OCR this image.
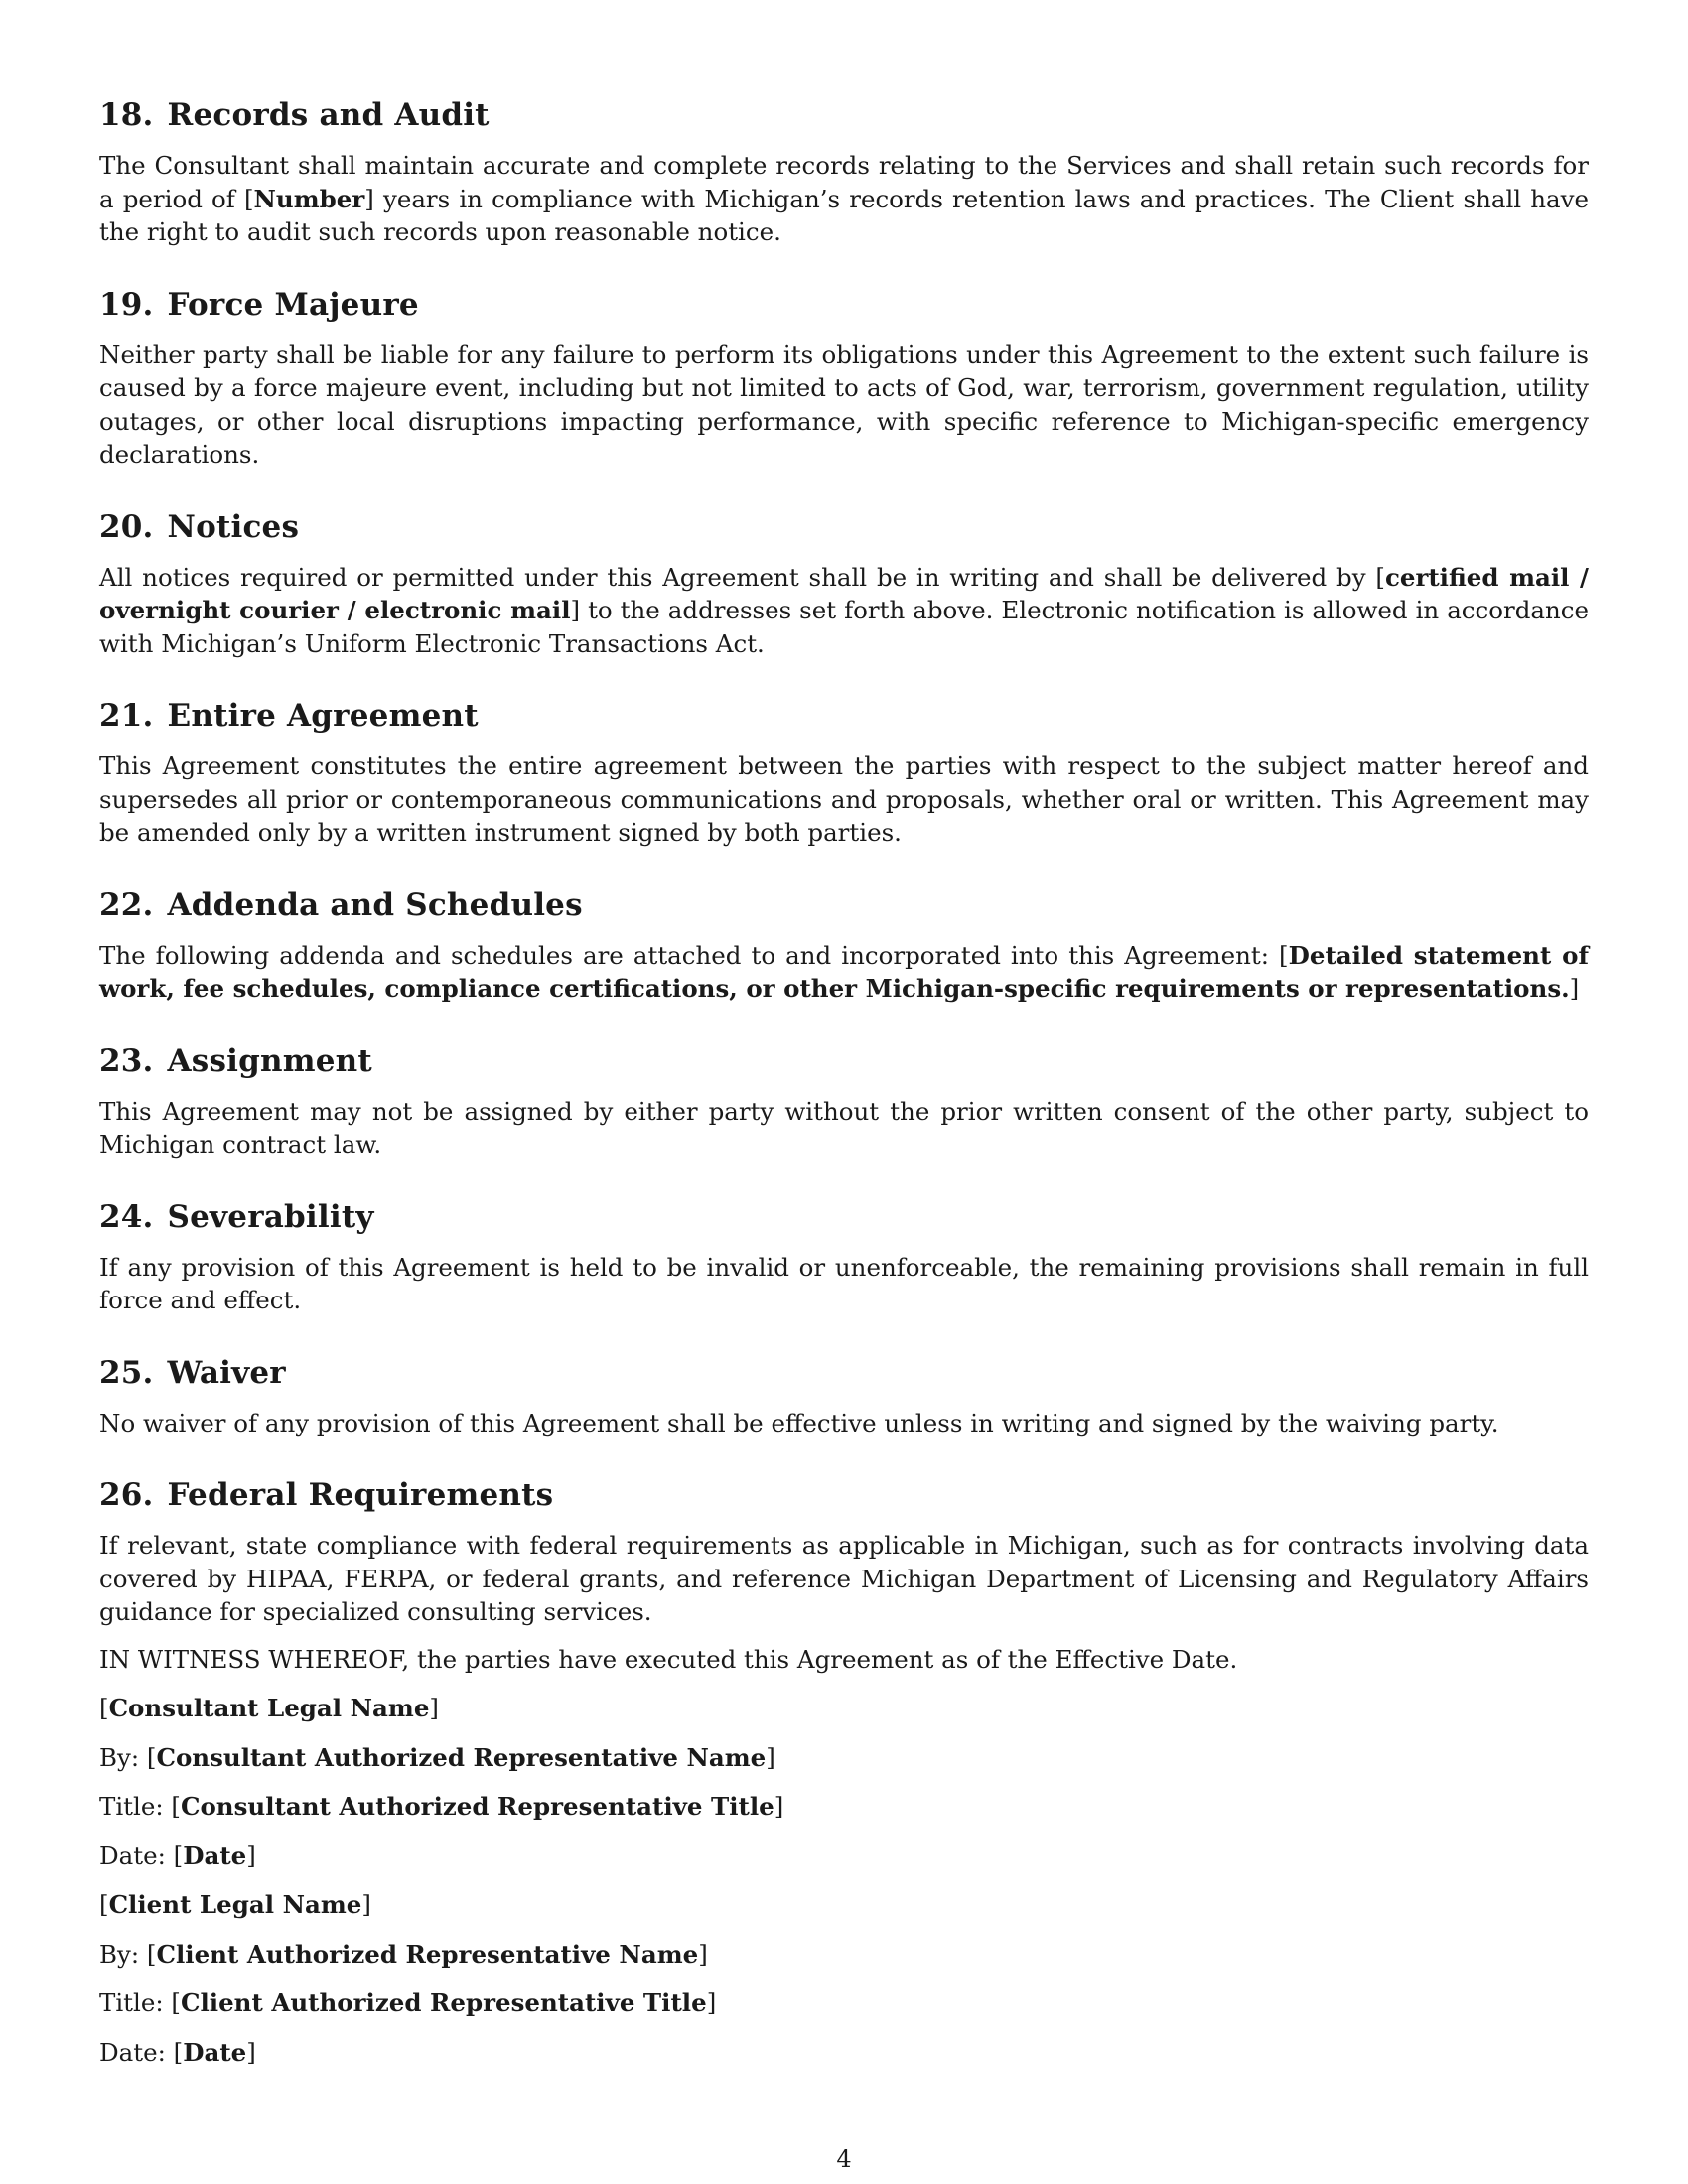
18. Records and Audit

The Consultant shall maintain accurate and complete records relating to the Services and shall retain such records for a period of [Number] years in compliance with Michigan’s records retention laws and practices. The Client shall have the right to audit such records upon reasonable notice.

19. Force Majeure

Neither party shall be liable for any failure to perform its obligations under this Agreement to the extent such failure is caused by a force majeure event, including but not limited to acts of God, war, terrorism, government regulation, utility outages, or other local disruptions impacting performance, with specific reference to Michigan-specific emergency declarations.

20. Notices

All notices required or permitted under this Agreement shall be in writing and shall be delivered by [certified mail / overnight courier / electronic mail] to the addresses set forth above. Electronic notification is allowed in accordance with Michigan’s Uniform Electronic Transactions Act.

21. Entire Agreement

This Agreement constitutes the entire agreement between the parties with respect to the subject matter hereof and supersedes all prior or contemporaneous communications and proposals, whether oral or written. This Agreement may be amended only by a written instrument signed by both parties.

22. Addenda and Schedules

The following addenda and schedules are attached to and incorporated into this Agreement: [Detailed statement of work, fee schedules, compliance certifications, or other Michigan-specific requirements or representations.]

23. Assignment

This Agreement may not be assigned by either party without the prior written consent of the other party, subject to Michigan contract law.

24. Severability

If any provision of this Agreement is held to be invalid or unenforceable, the remaining provisions shall remain in full force and effect.

25. Waiver

No waiver of any provision of this Agreement shall be effective unless in writing and signed by the waiving party.

26. Federal Requirements

If relevant, state compliance with federal requirements as applicable in Michigan, such as for contracts involving data covered by HIPAA, FERPA, or federal grants, and reference Michigan Department of Licensing and Regulatory Affairs guidance for specialized consulting services.

IN WITNESS WHEREOF, the parties have executed this Agreement as of the Effective Date.

[Consultant Legal Name]

By: [Consultant Authorized Representative Name]

Title: [Consultant Authorized Representative Title]

Date: [Date]

[Client Legal Name]

By: [Client Authorized Representative Name]

Title: [Client Authorized Representative Title]

Date: [Date]

4
